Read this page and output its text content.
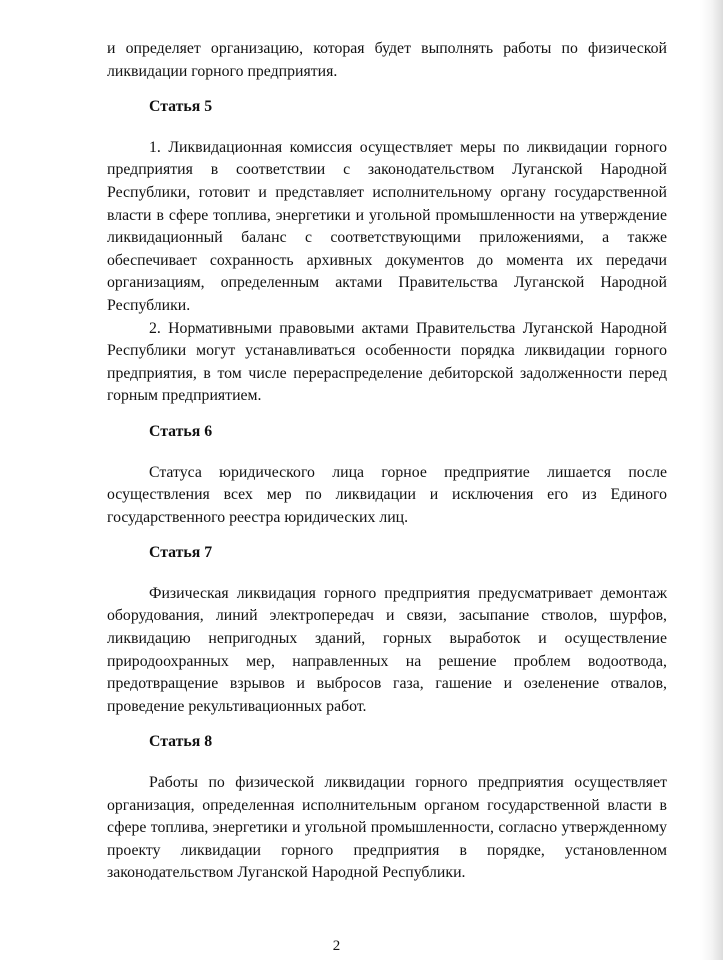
и определяет организацию, которая будет выполнять работы по физической ликвидации горного предприятия.

Статья 5

1. Ликвидационная комиссия осуществляет меры по ликвидации горного предприятия в соответствии с законодательством Луганской Народной Республики, готовит и представляет исполнительному органу государственной власти в сфере топлива, энергетики и угольной промышленности на утверждение ликвидационный баланс с соответствующими приложениями, а также обеспечивает сохранность архивных документов до момента их передачи организациям, определенным актами Правительства Луганской Народной Республики.

2. Нормативными правовыми актами Правительства Луганской Народной Республики могут устанавливаться особенности порядка ликвидации горного предприятия, в том числе перераспределение дебиторской задолженности перед горным предприятием.

Статья 6

Статуса юридического лица горное предприятие лишается после осуществления всех мер по ликвидации и исключения его из Единого государственного реестра юридических лиц.

Статья 7

Физическая ликвидация горного предприятия предусматривает демонтаж оборудования, линий электропередач и связи, засыпание стволов, шурфов, ликвидацию непригодных зданий, горных выработок и осуществление природоохранных мер, направленных на решение проблем водоотвода, предотвращение взрывов и выбросов газа, гашение и озеленение отвалов, проведение рекультивационных работ.

Статья 8

Работы по физической ликвидации горного предприятия осуществляет организация, определенная исполнительным органом государственной власти в сфере топлива, энергетики и угольной промышленности, согласно утвержденному проекту ликвидации горного предприятия в порядке, установленном законодательством Луганской Народной Республики.

2
